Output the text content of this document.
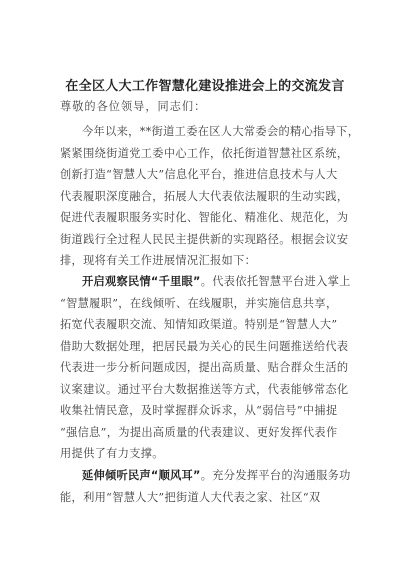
在全区人大工作智慧化建设推进会上的交流发言
尊敬的各位领导，同志们：
今年以来，**街道工委在区人大常委会的精心指导下，
紧紧围绕街道党工委中心工作，依托街道智慧社区系统，
创新打造“智慧人大”信息化平台，推进信息技术与人大
代表履职深度融合，拓展人大代表依法履职的生动实践，
促进代表履职服务实时化、智能化、精准化、规范化，为
街道践行全过程人民民主提供新的实现路径。根据会议安
排，现将有关工作进展情况汇报如下：
开启观察民情“千里眼”。代表依托智慧平台进入掌上
“智慧履职”，在线倾听、在线履职，并实施信息共享，
拓宽代表履职交流、知情知政渠道。特别是“智慧人大”
借助大数据处理，把居民最为关心的民生问题推送给代表
代表进一步分析问题成因，提出高质量、贴合群众生活的
议案建议。通过平台大数据推送等方式，代表能够常态化
收集社情民意，及时掌握群众诉求，从“弱信号”中捕捉
“强信息”，为提出高质量的代表建议、更好发挥代表作
用提供了有力支撑。
延伸倾听民声“顺风耳”。充分发挥平台的沟通服务功
能，利用“智慧人大”把街道人大代表之家、社区“双
